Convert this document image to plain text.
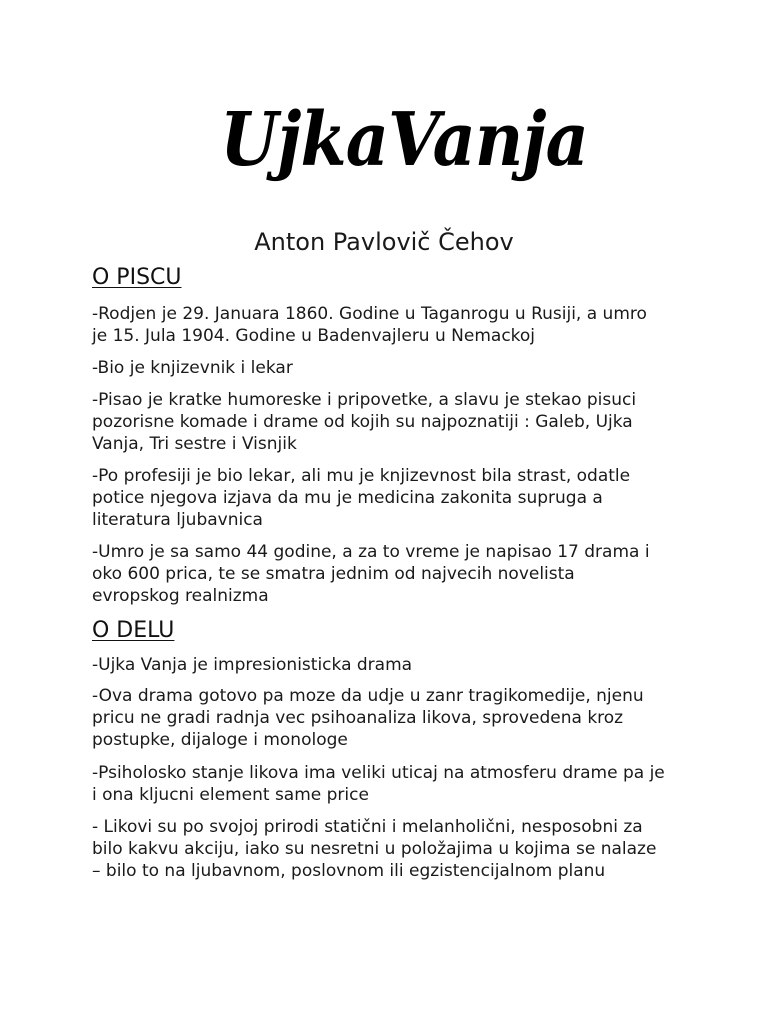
UjkaVanja
Anton Pavlovič Čehov
O PISCU
-Rodjen je 29. Januara 1860. Godine u Taganrogu u Rusiji, a umro
je 15. Jula 1904. Godine u Badenvajleru u Nemackoj
-Bio je knjizevnik i lekar
-Pisao je kratke humoreske i pripovetke, a slavu je stekao pisuci
pozorisne komade i drame od kojih su najpoznatiji : Galeb, Ujka
Vanja, Tri sestre i Visnjik
-Po profesiji je bio lekar, ali mu je knjizevnost bila strast, odatle
potice njegova izjava da mu je medicina zakonita supruga a
literatura ljubavnica
-Umro je sa samo 44 godine, a za to vreme je napisao 17 drama i
oko 600 prica, te se smatra jednim od najvecih novelista
evropskog realnizma
O DELU
-Ujka Vanja je impresionisticka drama
-Ova drama gotovo pa moze da udje u zanr tragikomedije, njenu
pricu ne gradi radnja vec psihoanaliza likova, sprovedena kroz
postupke, dijaloge i monologe
-Psiholosko stanje likova ima veliki uticaj na atmosferu drame pa je
i ona kljucni element same price
- Likovi su po svojoj prirodi statični i melanholični, nesposobni za
bilo kakvu akciju, iako su nesretni u položajima u kojima se nalaze
– bilo to na ljubavnom, poslovnom ili egzistencijalnom planu
